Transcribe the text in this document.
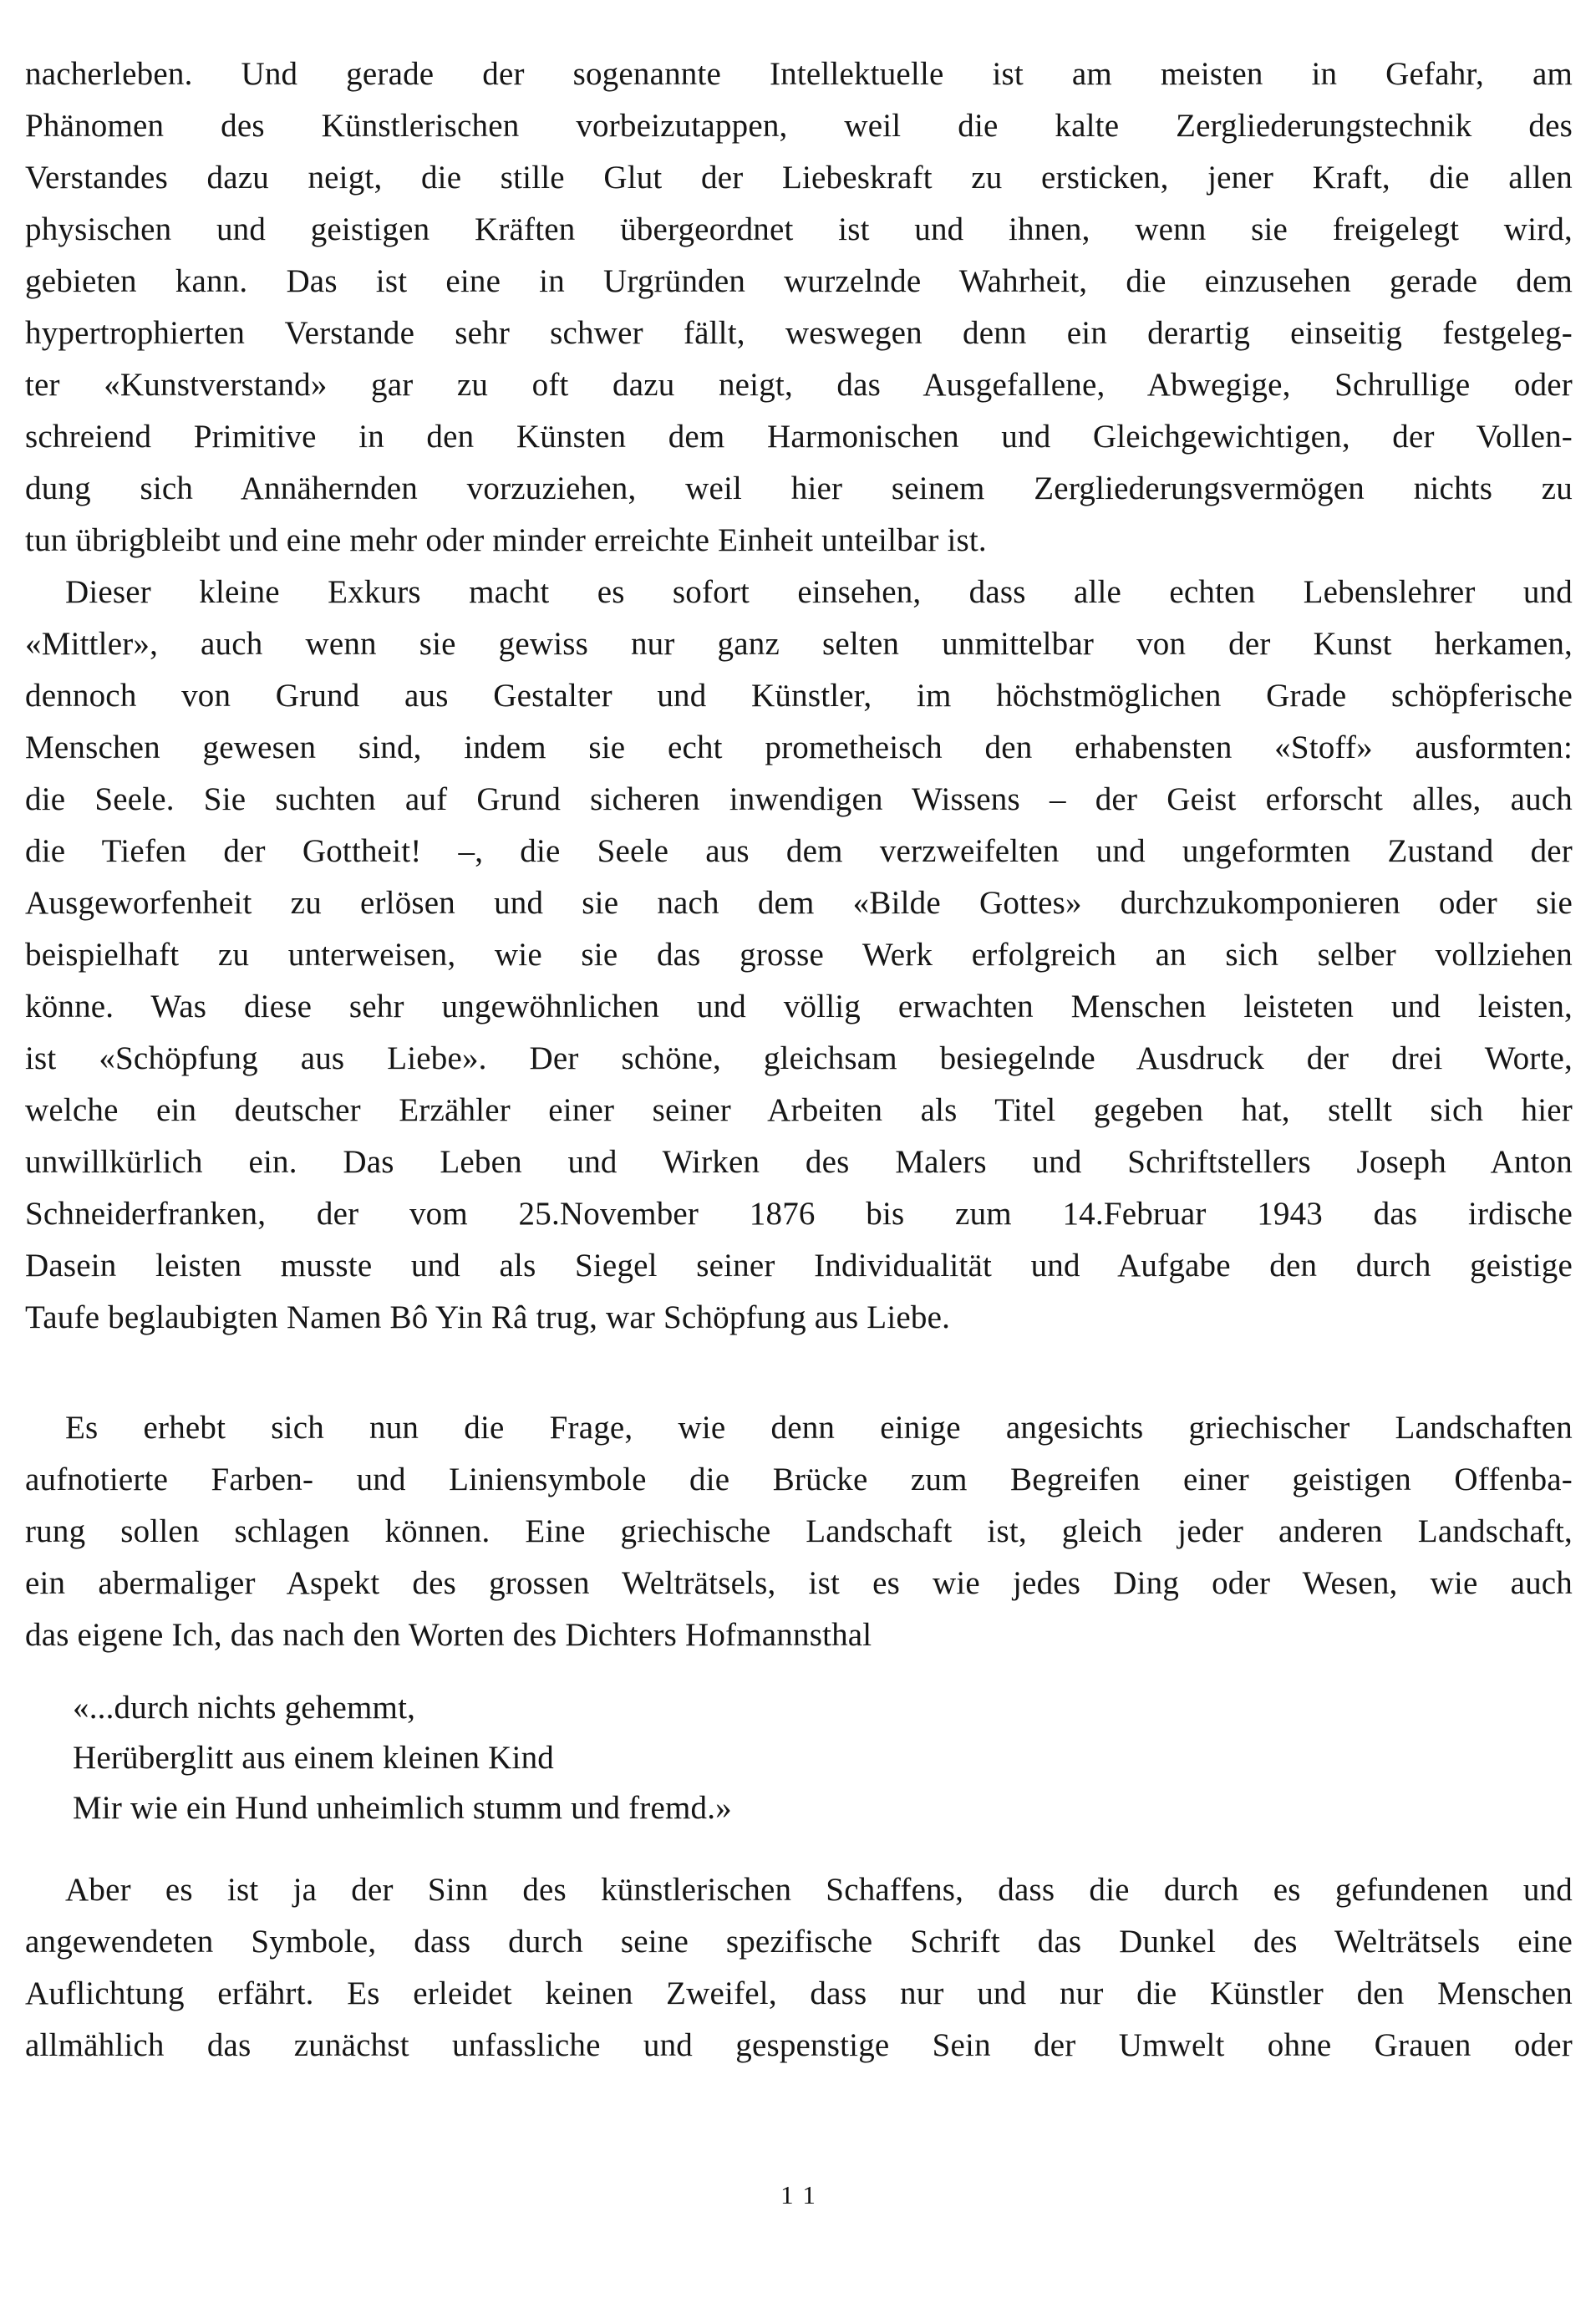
nacherleben. Und gerade der sogenannte Intellektuelle ist am meisten in Gefahr, am
Phänomen des Künstlerischen vorbeizutappen, weil die kalte Zergliederungstechnik des
Verstandes dazu neigt, die stille Glut der Liebeskraft zu ersticken, jener Kraft, die allen
physischen und geistigen Kräften übergeordnet ist und ihnen, wenn sie freigelegt wird,
gebieten kann. Das ist eine in Urgründen wurzelnde Wahrheit, die einzusehen gerade dem
hypertrophierten Verstande sehr schwer fällt, weswegen denn ein derartig einseitig festgeleg-
ter «Kunstverstand» gar zu oft dazu neigt, das Ausgefallene, Abwegige, Schrullige oder
schreiend Primitive in den Künsten dem Harmonischen und Gleichgewichtigen, der Vollen-
dung sich Annähernden vorzuziehen, weil hier seinem Zergliederungsvermögen nichts zu
tun übrigbleibt und eine mehr oder minder erreichte Einheit unteilbar ist.
Dieser kleine Exkurs macht es sofort einsehen, dass alle echten Lebenslehrer und
«Mittler», auch wenn sie gewiss nur ganz selten unmittelbar von der Kunst herkamen,
dennoch von Grund aus Gestalter und Künstler, im höchstmöglichen Grade schöpferische
Menschen gewesen sind, indem sie echt prometheisch den erhabensten «Stoff» ausformten:
die Seele. Sie suchten auf Grund sicheren inwendigen Wissens – der Geist erforscht alles, auch
die Tiefen der Gottheit! –, die Seele aus dem verzweifelten und ungeformten Zustand der
Ausgeworfenheit zu erlösen und sie nach dem «Bilde Gottes» durchzukomponieren oder sie
beispielhaft zu unterweisen, wie sie das grosse Werk erfolgreich an sich selber vollziehen
könne. Was diese sehr ungewöhnlichen und völlig erwachten Menschen leisteten und leisten,
ist «Schöpfung aus Liebe». Der schöne, gleichsam besiegelnde Ausdruck der drei Worte,
welche ein deutscher Erzähler einer seiner Arbeiten als Titel gegeben hat, stellt sich hier
unwillkürlich ein. Das Leben und Wirken des Malers und Schriftstellers Joseph Anton
Schneiderfranken, der vom 25.November 1876 bis zum 14.Februar 1943 das irdische
Dasein leisten musste und als Siegel seiner Individualität und Aufgabe den durch geistige
Taufe beglaubigten Namen Bô Yin Râ trug, war Schöpfung aus Liebe.
Es erhebt sich nun die Frage, wie denn einige angesichts griechischer Landschaften
aufnotierte Farben- und Liniensymbole die Brücke zum Begreifen einer geistigen Offenba-
rung sollen schlagen können. Eine griechische Landschaft ist, gleich jeder anderen Landschaft,
ein abermaliger Aspekt des grossen Welträtsels, ist es wie jedes Ding oder Wesen, wie auch
das eigene Ich, das nach den Worten des Dichters Hofmannsthal
«...durch nichts gehemmt,
Herüberglitt aus einem kleinen Kind
Mir wie ein Hund unheimlich stumm und fremd.»
Aber es ist ja der Sinn des künstlerischen Schaffens, dass die durch es gefundenen und
angewendeten Symbole, dass durch seine spezifische Schrift das Dunkel des Welträtsels eine
Auflichtung erfährt. Es erleidet keinen Zweifel, dass nur und nur die Künstler den Menschen
allmählich das zunächst unfassliche und gespenstige Sein der Umwelt ohne Grauen oder
11
